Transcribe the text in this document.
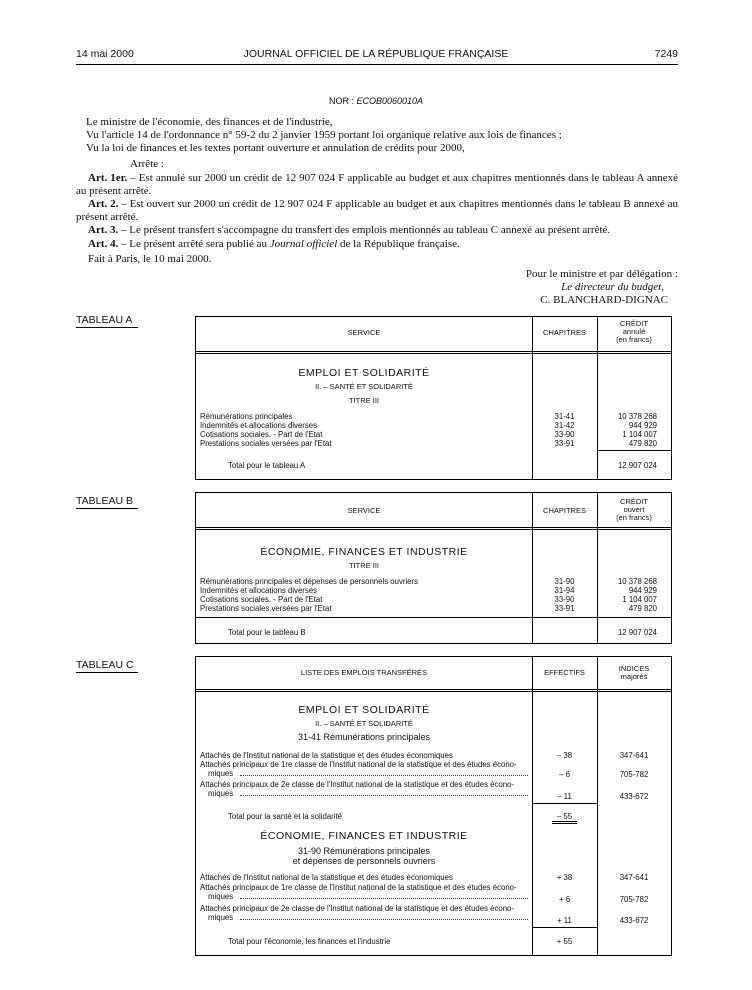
14 mai 2000	JOURNAL OFFICIEL DE LA RÉPUBLIQUE FRANÇAISE	7249
NOR : ECOB0060010A
Le ministre de l'économie, des finances et de l'industrie,
Vu l'article 14 de l'ordonnance n° 59-2 du 2 janvier 1959 portant loi organique relative aux lois de finances ;
Vu la loi de finances et les textes portant ouverture et annulation de crédits pour 2000,
Arrête :
Art. 1er. – Est annulé sur 2000 un crédit de 12 907 024 F applicable au budget et aux chapitres mentionnés dans le tableau A annexé au présent arrêté.
Art. 2. – Est ouvert sur 2000 un crédit de 12 907 024 F applicable au budget et aux chapitres mentionnés dans le tableau B annexé au présent arrêté.
Art. 3. – Le présent transfert s'accompagne du transfert des emplois mentionnés au tableau C annexé au présent arrêté.
Art. 4. – Le présent arrêté sera publié au Journal officiel de la République française.
Fait à Paris, le 10 mai 2000.
Pour le ministre et par délégation :
Le directeur du budget,
C. BLANCHARD-DIGNAC
TABLEAU A
SERVICE	CHAPITRES
CRÉDIT
annulé
(en francs)
EMPLOI ET SOLIDARITÉ
II. – SANTÉ ET SOLIDARITÉ
TITRE III
Rémunérations principales	31-41	10 378 268
Indemnités et allocations diverses	31-42	944 929
Cotisations sociales. - Part de l'Etat	33-90	1 104 007
Prestations sociales versées par l'Etat	33-91	479 820
Total pour le tableau A	12 907 024
TABLEAU B
SERVICE	CHAPITRES
CRÉDIT
ouvert
(en francs)
ÉCONOMIE, FINANCES ET INDUSTRIE
TITRE III
Rémunérations principales et dépenses de personnels ouvriers	31-90	10 378 268
Indemnités et allocations diverses	31-94	944 929
Cotisations sociales. - Part de l'Etat	33-90	1 104 007
Prestations sociales versées par l'Etat	33-91	479 820
Total pour le tableau B	12 907 024
TABLEAU C
LISTE DES EMPLOIS TRANSFÉRÉS	EFFECTIFS	INDICES
majorés
EMPLOI ET SOLIDARITÉ
II. – SANTÉ ET SOLIDARITÉ
31-41 Rémunérations principales
Attachés de l'Institut national de la statistique et des études économiques	– 38	347-641
Attachés principaux de 1re classe de l'Institut national de la statistique et des études écono-
miques	– 6	705-782
Attachés principaux de 2e classe de l'Institut national de la statistique et des études écono-
miques	– 11	433-672
Total pour la santé et la solidarité	– 55
ÉCONOMIE, FINANCES ET INDUSTRIE
31-90 Rémunérations principales
et dépenses de personnels ouvriers
Attachés de l'Institut national de la statistique et des études économiques	+ 38	347-641
Attachés principaux de 1re classe de l'Institut national de la statistique et des études écono-
miques	+ 6	705-782
Attachés principaux de 2e classe de l'Institut national de la statistique et des études écono-
miques	+ 11	433-672
Total pour l'économie, les finances et l'industrie	+ 55
